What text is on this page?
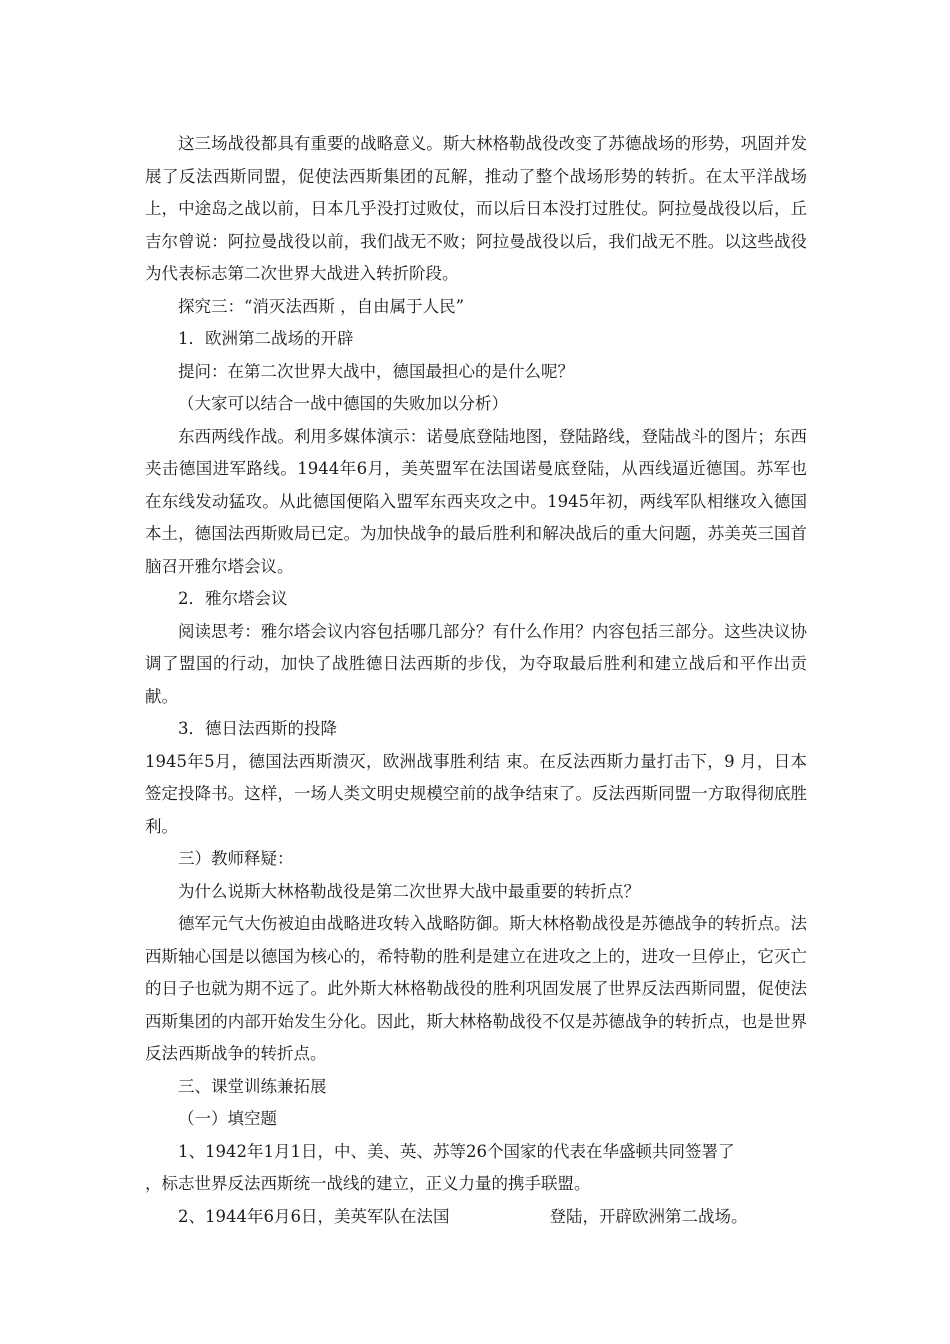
这三场战役都具有重要的战略意义。斯大林格勒战役改变了苏德战场的形势，巩固并发展了反法西斯同盟，促使法西斯集团的瓦解，推动了整个战场形势的转折。在太平洋战场上，中途岛之战以前，日本几乎没打过败仗，而以后日本没打过胜仗。阿拉曼战役以后，丘吉尔曾说：阿拉曼战役以前，我们战无不败；阿拉曼战役以后，我们战无不胜。以这些战役为代表标志第二次世界大战进入转折阶段。

探究三：“消灭法西斯 ，自由属于人民”

1．欧洲第二战场的开辟

提问：在第二次世界大战中，德国最担心的是什么呢？

（大家可以结合一战中德国的失败加以分析）

东西两线作战。利用多媒体演示：诺曼底登陆地图，登陆路线，登陆战斗的图片；东西夹击德国进军路线。1944年6月，美英盟军在法国诺曼底登陆，从西线逼近德国。苏军也在东线发动猛攻。从此德国便陷入盟军东西夹攻之中。1945年初，两线军队相继攻入德国本土，德国法西斯败局已定。为加快战争的最后胜利和解决战后的重大问题，苏美英三国首脑召开雅尔塔会议。

2．雅尔塔会议

阅读思考：雅尔塔会议内容包括哪几部分？有什么作用？内容包括三部分。这些决议协调了盟国的行动，加快了战胜德日法西斯的步伐，为夺取最后胜利和建立战后和平作出贡献。

3．德日法西斯的投降

1945年5月，德国法西斯溃灭，欧洲战事胜利结 束。在反法西斯力量打击下，9 月，日本签定投降书。这样，一场人类文明史规模空前的战争结束了。反法西斯同盟一方取得彻底胜利。

三）教师释疑：

为什么说斯大林格勒战役是第二次世界大战中最重要的转折点？

德军元气大伤被迫由战略进攻转入战略防御。斯大林格勒战役是苏德战争的转折点。法西斯轴心国是以德国为核心的，希特勒的胜利是建立在进攻之上的，进攻一旦停止，它灭亡的日子也就为期不远了。此外斯大林格勒战役的胜利巩固发展了世界反法西斯同盟，促使法西斯集团的内部开始发生分化。因此，斯大林格勒战役不仅是苏德战争的转折点，也是世界反法西斯战争的转折点。

三、课堂训练兼拓展

（一）填空题

1、1942年1月1日，中、美、英、苏等26个国家的代表在华盛顿共同签署了

，标志世界反法西斯统一战线的建立，正义力量的携手联盟。

2、1944年6月6日，美英军队在法国	登陆，开辟欧洲第二战场。
